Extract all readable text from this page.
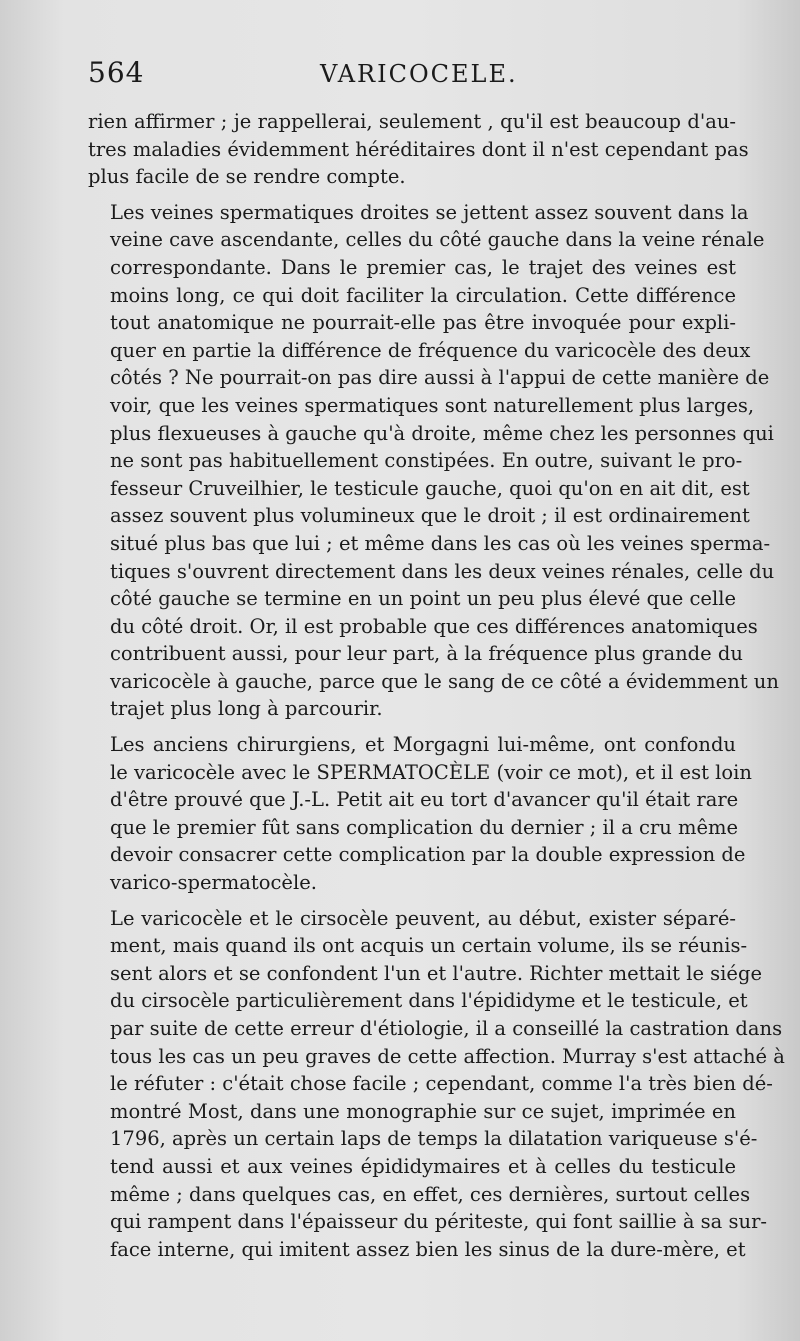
564	VARICOCELE.

rien affirmer ; je rappellerai, seulement , qu'il est beaucoup d'au-
tres maladies évidemment héréditaires dont il n'est cependant pas
plus facile de se rendre compte.

Les veines spermatiques droites se jettent assez souvent dans la
veine cave ascendante, celles du côté gauche dans la veine rénale
correspondante. Dans le premier cas, le trajet des veines est
moins long, ce qui doit faciliter la circulation. Cette différence
tout anatomique ne pourrait-elle pas être invoquée pour expli-
quer en partie la différence de fréquence du varicocèle des deux
côtés ? Ne pourrait-on pas dire aussi à l'appui de cette manière de
voir, que les veines spermatiques sont naturellement plus larges,
plus flexueuses à gauche qu'à droite, même chez les personnes qui
ne sont pas habituellement constipées. En outre, suivant le pro-
fesseur Cruveilhier, le testicule gauche, quoi qu'on en ait dit, est
assez souvent plus volumineux que le droit ; il est ordinairement
situé plus bas que lui ; et même dans les cas où les veines sperma-
tiques s'ouvrent directement dans les deux veines rénales, celle du
côté gauche se termine en un point un peu plus élevé que celle
du côté droit. Or, il est probable que ces différences anatomiques
contribuent aussi, pour leur part, à la fréquence plus grande du
varicocèle à gauche, parce que le sang de ce côté a évidemment un
trajet plus long à parcourir.

Les anciens chirurgiens, et Morgagni lui-même, ont confondu
le varicocèle avec le SPERMATOCÈLE (voir ce mot), et il est loin
d'être prouvé que J.-L. Petit ait eu tort d'avancer qu'il était rare
que le premier fût sans complication du dernier ; il a cru même
devoir consacrer cette complication par la double expression de
varico-spermatocèle.

Le varicocèle et le cirsocèle peuvent, au début, exister séparé-
ment, mais quand ils ont acquis un certain volume, ils se réunis-
sent alors et se confondent l'un et l'autre. Richter mettait le siége
du cirsocèle particulièrement dans l'épididyme et le testicule, et
par suite de cette erreur d'étiologie, il a conseillé la castration dans
tous les cas un peu graves de cette affection. Murray s'est attaché à
le réfuter : c'était chose facile ; cependant, comme l'a très bien dé-
montré Most, dans une monographie sur ce sujet, imprimée en
1796, après un certain laps de temps la dilatation variqueuse s'é-
tend aussi et aux veines épididymaires et à celles du testicule
même ; dans quelques cas, en effet, ces dernières, surtout celles
qui rampent dans l'épaisseur du périteste, qui font saillie à sa sur-
face interne, qui imitent assez bien les sinus de la dure-mère, et
